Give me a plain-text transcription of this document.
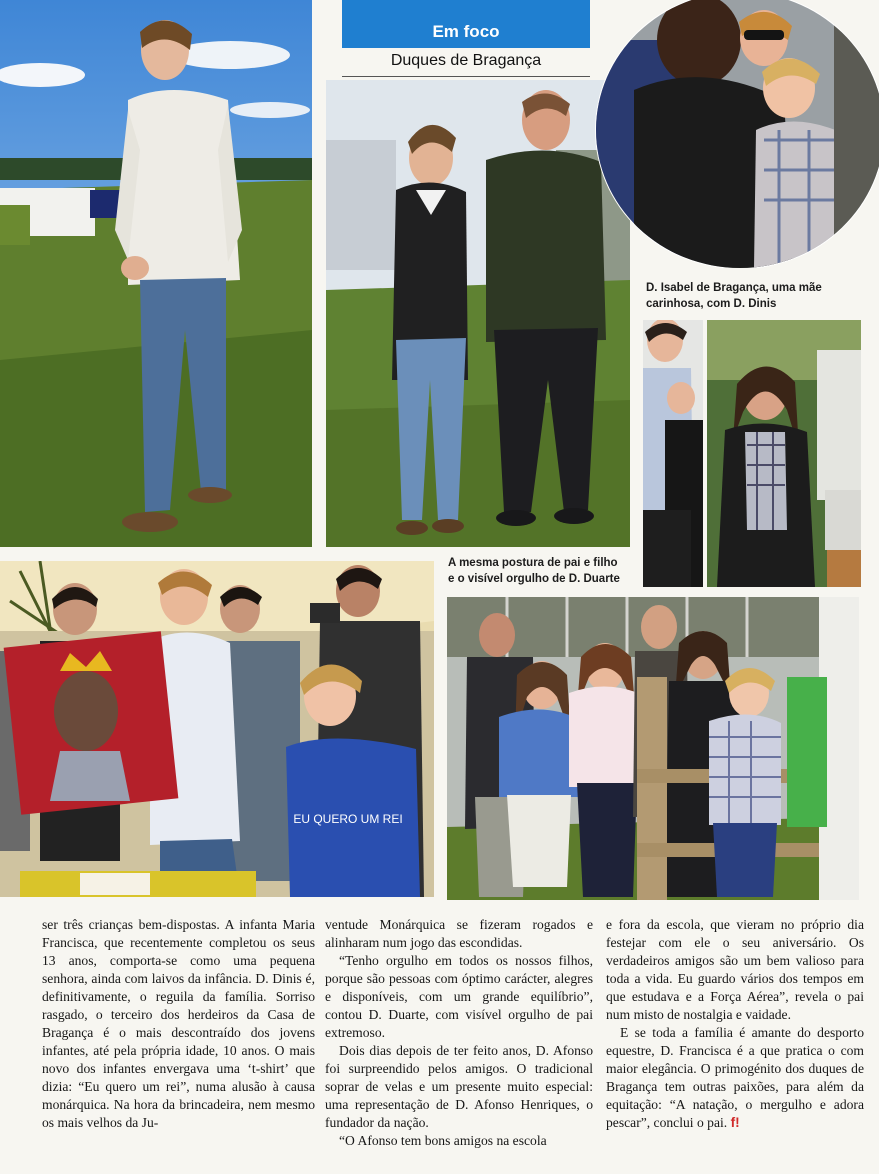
Em foco
Duques de Bragança
D. Isabel de Bragança, uma mãe
carinhosa, com D. Dinis
A mesma postura de pai e filho
e o visível orgulho de D. Duarte
EU QUERO UM REI

ser três crianças bem-dispostas. A infanta Maria Francisca, que recentemente completou os seus 13 anos, comporta-se como uma pequena senhora, ainda com laivos da infância. D. Dinis é, definitivamente, o reguila da família. Sorriso rasgado, o terceiro dos herdeiros da Casa de Bragança é o mais descontraído dos jovens infantes, até pela própria idade, 10 anos. O mais novo dos infantes envergava uma ‘t-shirt’ que dizia: “Eu quero um rei”, numa alusão à causa monárquica. Na hora da brincadeira, nem mesmo os mais velhos da Ju-

ventude Monárquica se fizeram rogados e alinharam num jogo das escondidas.

“Tenho orgulho em todos os nossos filhos, porque são pessoas com óptimo carácter, alegres e disponíveis, com um grande equilíbrio”, contou D. Duarte, com visível orgulho de pai extremoso.

Dois dias depois de ter feito anos, D. Afonso foi surpreendido pelos amigos. O tradicional soprar de velas e um presente muito especial: uma representação de D. Afonso Henriques, o fundador da nação.

“O Afonso tem bons amigos na escola

e fora da escola, que vieram no próprio dia festejar com ele o seu aniversário. Os verdadeiros amigos são um bem valioso para toda a vida. Eu guardo vários dos tempos em que estudava e a Força Aérea”, revela o pai num misto de nostalgia e vaidade.

E se toda a família é amante do desporto equestre, D. Francisca é a que pratica o com maior elegância. O primogénito dos duques de Bragança tem outras paixões, para além da equitação: “A natação, o mergulho e adora pescar”, conclui o pai. f!
